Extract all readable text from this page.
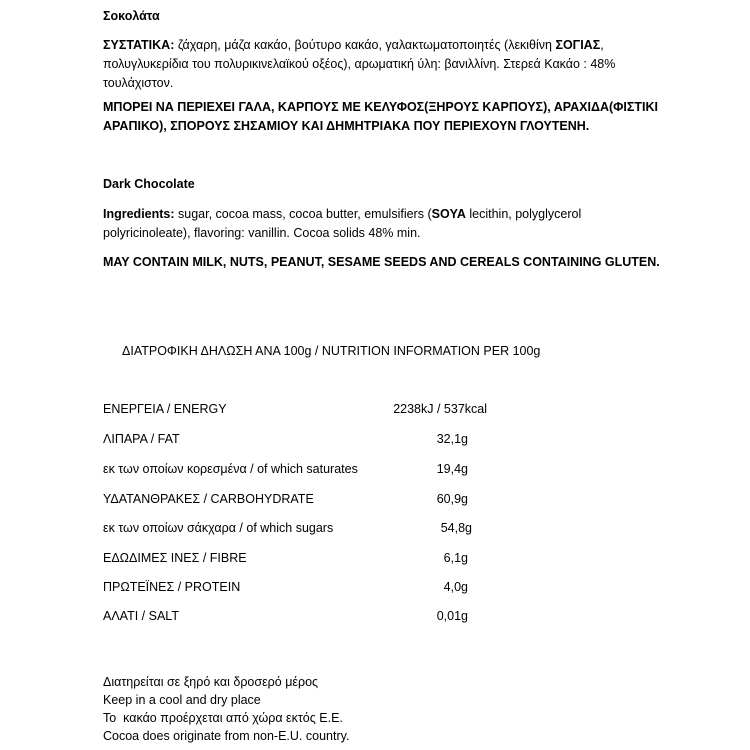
Σοκολάτα
ΣΥΣΤΑΤΙΚΑ: ζάχαρη, μάζα κακάο, βούτυρο κακάο, γαλακτωματοποιητές (λεκιθίνη ΣΟΓΙΑΣ,
πολυγλυκερίδια του πολυρικινελαϊκού οξέος), αρωματική ύλη: βανιλλίνη. Στερεά Κακάο : 48%
τουλάχιστον.
ΜΠΟΡΕΙ ΝΑ ΠΕΡΙΕΧΕΙ ΓΑΛΑ, ΚΑΡΠΟΥΣ ΜΕ ΚΕΛΥΦΟΣ(ΞΗΡΟΥΣ ΚΑΡΠΟΥΣ), ΑΡΑΧΙΔΑ(ΦΙΣΤΙΚΙ
ΑΡΑΠΙΚΟ), ΣΠΟΡΟΥΣ ΣΗΣΑΜΙΟΥ ΚΑΙ ΔΗΜΗΤΡΙΑΚΑ ΠΟΥ ΠΕΡΙΕΧΟΥΝ ΓΛΟΥΤΕΝΗ.
Dark Chocolate
Ingredients: sugar, cocoa mass, cocoa butter, emulsifiers (SOYA lecithin, polyglycerol
polyricinoleate), flavoring: vanillin. Cocoa solids 48% min.
MAY CONTAIN MILK, NUTS, PEANUT, SESAME SEEDS AND CEREALS CONTAINING GLUTEN.
ΔΙΑΤΡΟΦΙΚΗ ΔΗΛΩΣΗ ΑΝΑ 100g / NUTRITION INFORMATION PER 100g
ΕΝΕΡΓΕΙΑ / ENERGY	2238kJ / 537kcal
ΛΙΠΑΡΑ / FAT	32,1g
εκ των οποίων κορεσμένα / of which saturates	19,4g
ΥΔΑΤΑΝΘΡΑΚΕΣ / CARBOHYDRATE	60,9g
εκ των οποίων σάκχαρα / of which sugars	54,8g
ΕΔΩΔΙΜΕΣ ΙΝΕΣ / FIBRE	6,1g
ΠΡΩΤΕΪΝΕΣ / PROTEIN	4,0g
ΑΛΑΤΙ / SALT	0,01g
Διατηρείται σε ξηρό και δροσερό μέρος
Keep in a cool and dry place
Το  κακάο προέρχεται από χώρα εκτός Ε.Ε.
Cocoa does originate from non-E.U. country.
